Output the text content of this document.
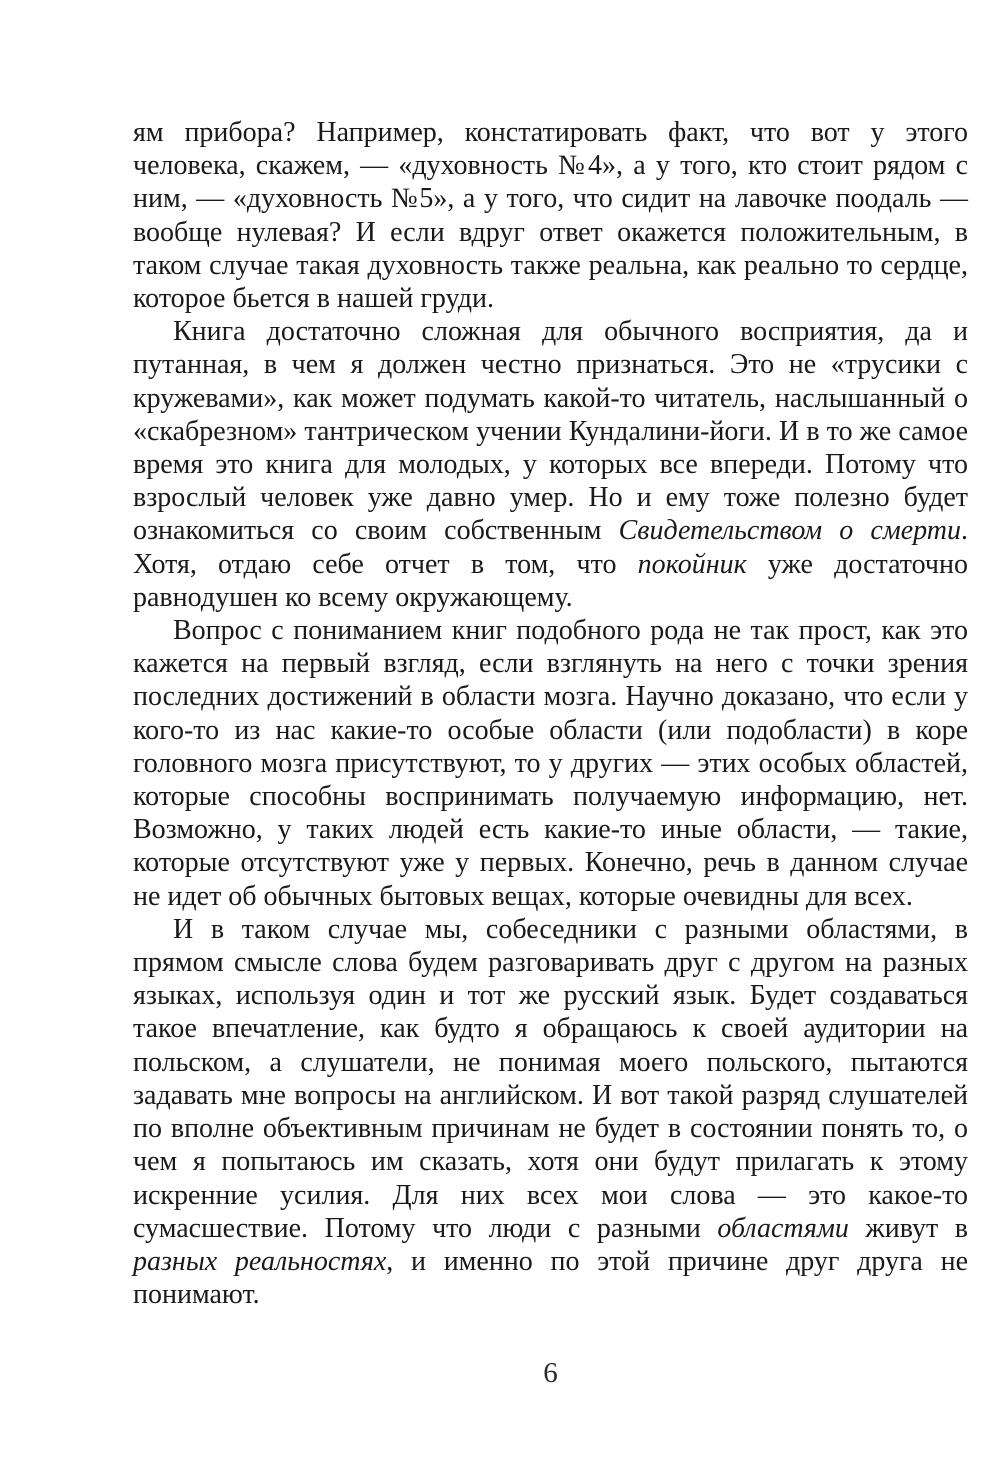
ям прибора? Например, констатировать факт, что вот у этого человека, скажем, — «духовность №4», а у того, кто стоит рядом с ним, — «духовность №5», а у того, что сидит на лавочке поодаль — вообще нулевая? И если вдруг ответ окажется положительным, в таком случае такая духовность также реальна, как реально то сердце, которое бьется в нашей груди.

Книга достаточно сложная для обычного восприятия, да и путанная, в чем я должен честно признаться. Это не «трусики с кружевами», как может подумать какой-то читатель, наслышанный о «скабрезном» тантрическом учении Кундалини-йоги. И в то же самое время это книга для молодых, у которых все впереди. Потому что взрослый человек уже давно умер. Но и ему тоже полезно будет ознакомиться со своим собственным Свидетельством о смерти. Хотя, отдаю себе отчет в том, что покойник уже достаточно равнодушен ко всему окружающему.

Вопрос с пониманием книг подобного рода не так прост, как это кажется на первый взгляд, если взглянуть на него с точки зрения последних достижений в области мозга. Научно доказано, что если у кого-то из нас какие-то особые области (или подобласти) в коре головного мозга присутствуют, то у других — этих особых областей, которые способны воспринимать получаемую информацию, нет. Возможно, у таких людей есть какие-то иные области, — такие, которые отсутствуют уже у первых. Конечно, речь в данном случае не идет об обычных бытовых вещах, которые очевидны для всех.

И в таком случае мы, собеседники с разными областями, в прямом смысле слова будем разговаривать друг с другом на разных языках, используя один и тот же русский язык. Будет создаваться такое впечатление, как будто я обращаюсь к своей аудитории на польском, а слушатели, не понимая моего польского, пытаются задавать мне вопросы на английском. И вот такой разряд слушателей по вполне объективным причинам не будет в состоянии понять то, о чем я попытаюсь им сказать, хотя они будут прилагать к этому искренние усилия. Для них всех мои слова — это какое-то сумасшествие. Потому что люди с разными областями живут в разных реальностях, и именно по этой причине друг друга не понимают.

6
